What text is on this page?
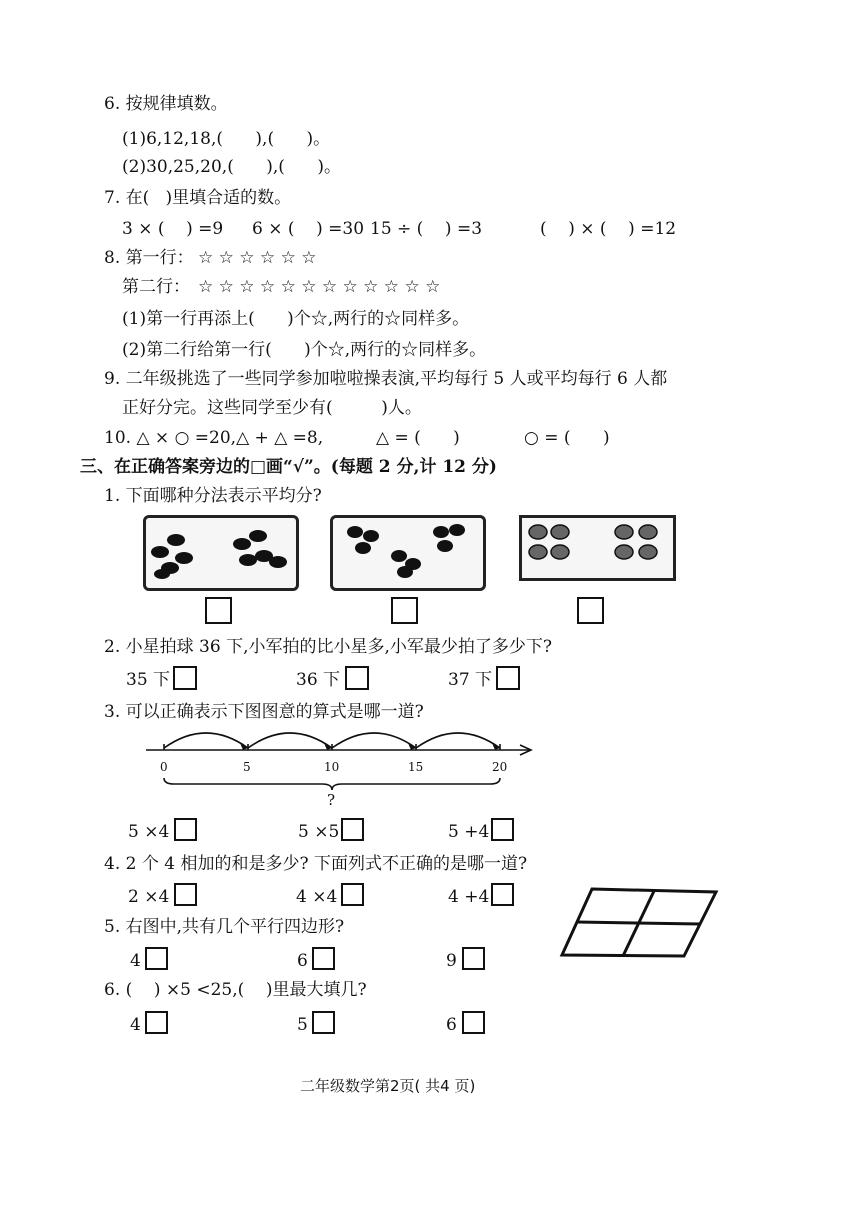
6. 按规律填数。
(1)6,12,18,(      ),(      )。
(2)30,25,20,(      ),(      )。
7. 在(   )里填合适的数。
3 × (    ) =9 6 × (    ) =30 15 ÷ (    ) =3	(    ) × (    ) =12
8. 第一行： ☆ ☆ ☆ ☆ ☆ ☆
第二行： ☆ ☆ ☆ ☆ ☆ ☆ ☆ ☆ ☆ ☆ ☆ ☆
(1)第一行再添上(      )个☆,两行的☆同样多。
(2)第二行给第一行(      )个☆,两行的☆同样多。
9. 二年级挑选了一些同学参加啦啦操表演,平均每行 5 人或平均每行 6 人都
正好分完。这些同学至少有(         )人。
10. △ × ○ =20,△ + △ =8,	△ = (      )	○ = (      )
三、在正确答案旁边的□画“√”。(每题 2 分,计 12 分)
1. 下面哪种分法表示平均分?
2. 小星拍球 36 下,小军拍的比小星多,小军最少拍了多少下?
35 下	36 下	37 下
3. 可以正确表示下图图意的算式是哪一道?
0	5	10	15	20
?
5 ×4	5 ×5	5 +4
4. 2 个 4 相加的和是多少? 下面列式不正确的是哪一道?
2 ×4	4 ×4	4 +4
5. 右图中,共有几个平行四边形?
4	6	9
6. (    ) ×5 <25,(    )里最大填几?
4	5	6
二年级数学第2页( 共4 页)
